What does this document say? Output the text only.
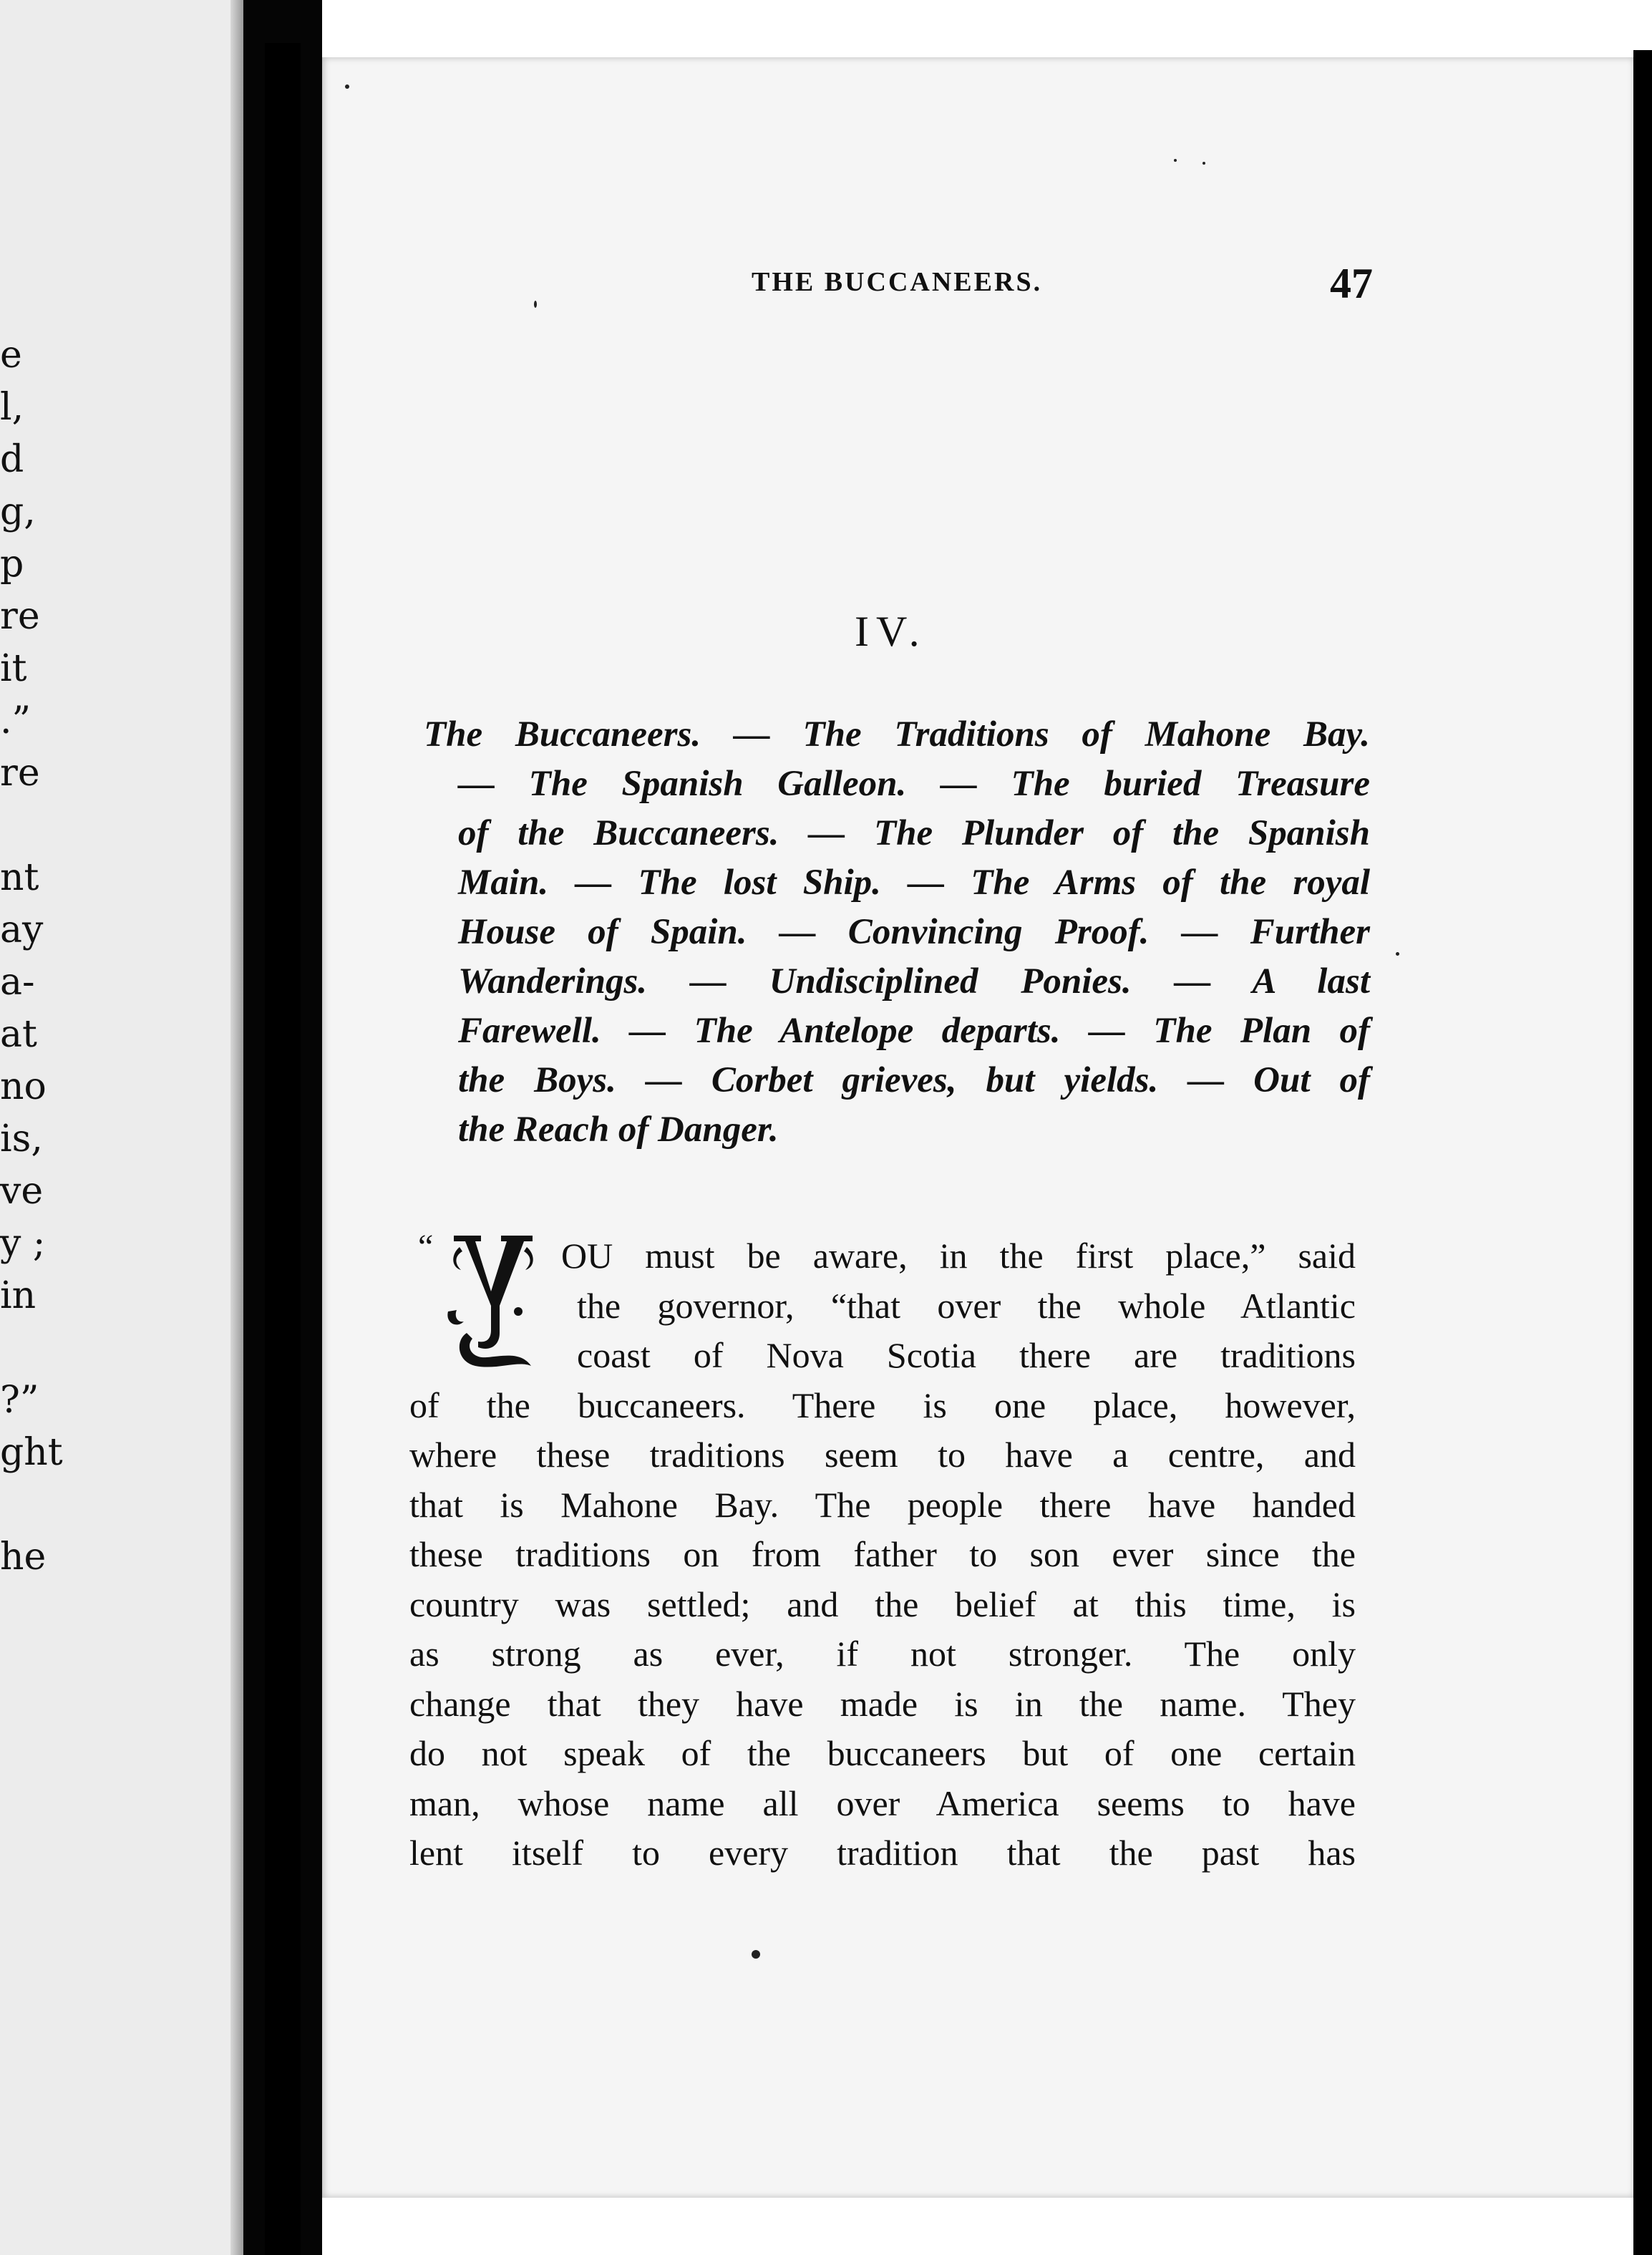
e
l,
d
g,
p
re
it
.”
re
nt
ay
a-
at
no
is,
ve
y ;
in
?”
ght
he
THE BUCCANEERS.	47
IV.
The Buccaneers. — The Traditions of Mahone Bay.
— The Spanish Galleon. — The buried Treasure
of the Buccaneers. — The Plunder of the Spanish
Main. — The lost Ship. — The Arms of the royal
House of Spain. — Convincing Proof. — Further
Wanderings. — Undisciplined Ponies. — A last
Farewell. — The Antelope departs. — The Plan of
the Boys. — Corbet grieves, but yields. — Out of
the Reach of Danger.
“	OU must be aware, in the first place,” said
the governor, “that over the whole Atlantic
coast of Nova Scotia there are traditions
of the buccaneers. There is one place, however,
where these traditions seem to have a centre, and
that is Mahone Bay. The people there have handed
these traditions on from father to son ever since the
country was settled; and the belief at this time, is
as strong as ever, if not stronger. The only
change that they have made is in the name. They
do not speak of the buccaneers but of one certain
man, whose name all over America seems to have
lent itself to every tradition that the past has
